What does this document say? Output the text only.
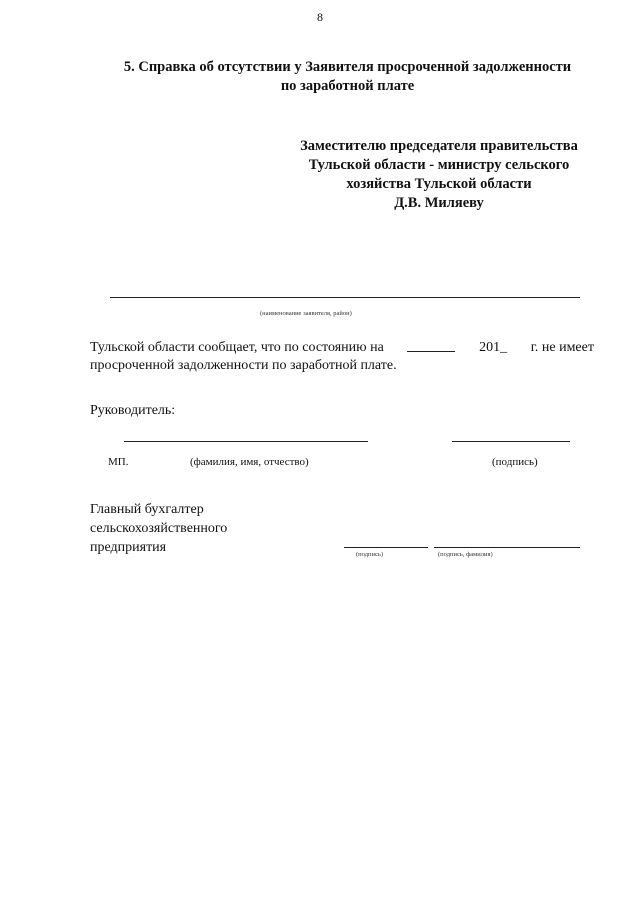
8
5. Справка об отсутствии у Заявителя просроченной задолженности
по заработной плате
Заместителю председателя правительства
Тульской области - министру сельского
хозяйства Тульской области
Д.В. Миляеву
(наименование заявителя, район)
Тульской области сообщает, что по состоянию на	201_ г. не имеет
просроченной задолженности по заработной плате.
Руководитель:
МП.	(фамилия, имя, отчество)	(подпись)
Главный бухгалтер
сельскохозяйственного
предприятия	(подпись)	(подпись, фамилия)
